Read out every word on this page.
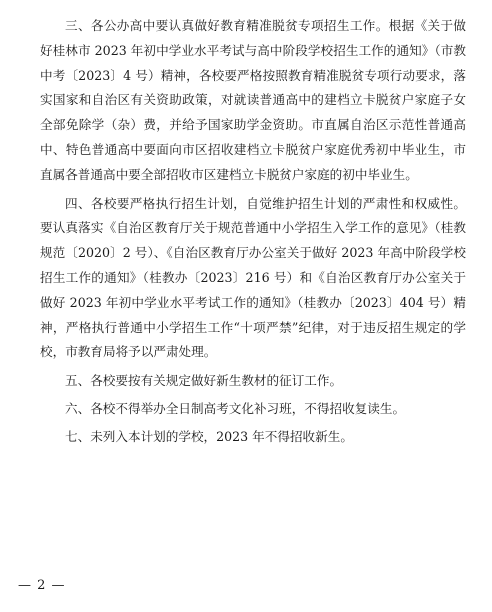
三、各公办高中要认真做好教育精准脱贫专项招生工作。根据《关于做好桂林市 2023 年初中学业水平考试与高中阶段学校招生工作的通知》（市教中考〔2023〕4 号）精神，各校要严格按照教育精准脱贫专项行动要求，落实国家和自治区有关资助政策，对就读普通高中的建档立卡脱贫户家庭子女全部免除学（杂）费，并给予国家助学金资助。市直属自治区示范性普通高中、特色普通高中要面向市区招收建档立卡脱贫户家庭优秀初中毕业生，市直属各普通高中要全部招收市区建档立卡脱贫户家庭的初中毕业生。

四、各校要严格执行招生计划，自觉维护招生计划的严肃性和权威性。要认真落实《自治区教育厅关于规范普通中小学招生入学工作的意见》（桂教规范〔2020〕2 号）、《自治区教育厅办公室关于做好 2023 年高中阶段学校招生工作的通知》（桂教办〔2023〕216 号）和《自治区教育厅办公室关于做好 2023 年初中学业水平考试工作的通知》（桂教办〔2023〕404 号）精神，严格执行普通中小学招生工作“十项严禁”纪律，对于违反招生规定的学校，市教育局将予以严肃处理。

五、各校要按有关规定做好新生教材的征订工作。

六、各校不得举办全日制高考文化补习班，不得招收复读生。

七、未列入本计划的学校，2023 年不得招收新生。

— 2 —
